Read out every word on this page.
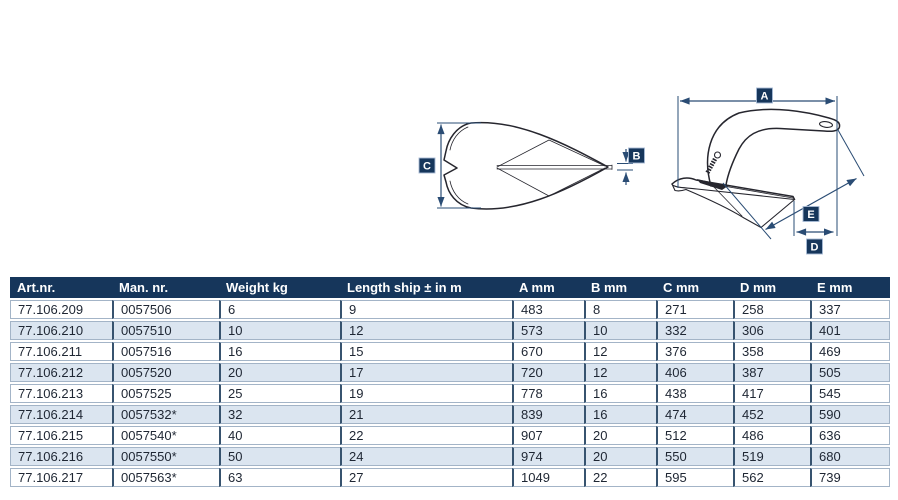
C
B
A
E
D
Art.nr.	Man. nr.	Weight kg	Length ship ± in m	A mm	B mm	C mm	D mm	E mm
77.106.209	0057506	6	9	483	8	271	258	337
77.106.210	0057510	10	12	573	10	332	306	401
77.106.211	0057516	16	15	670	12	376	358	469
77.106.212	0057520	20	17	720	12	406	387	505
77.106.213	0057525	25	19	778	16	438	417	545
77.106.214	0057532*	32	21	839	16	474	452	590
77.106.215	0057540*	40	22	907	20	512	486	636
77.106.216	0057550*	50	24	974	20	550	519	680
77.106.217	0057563*	63	27	1049	22	595	562	739
